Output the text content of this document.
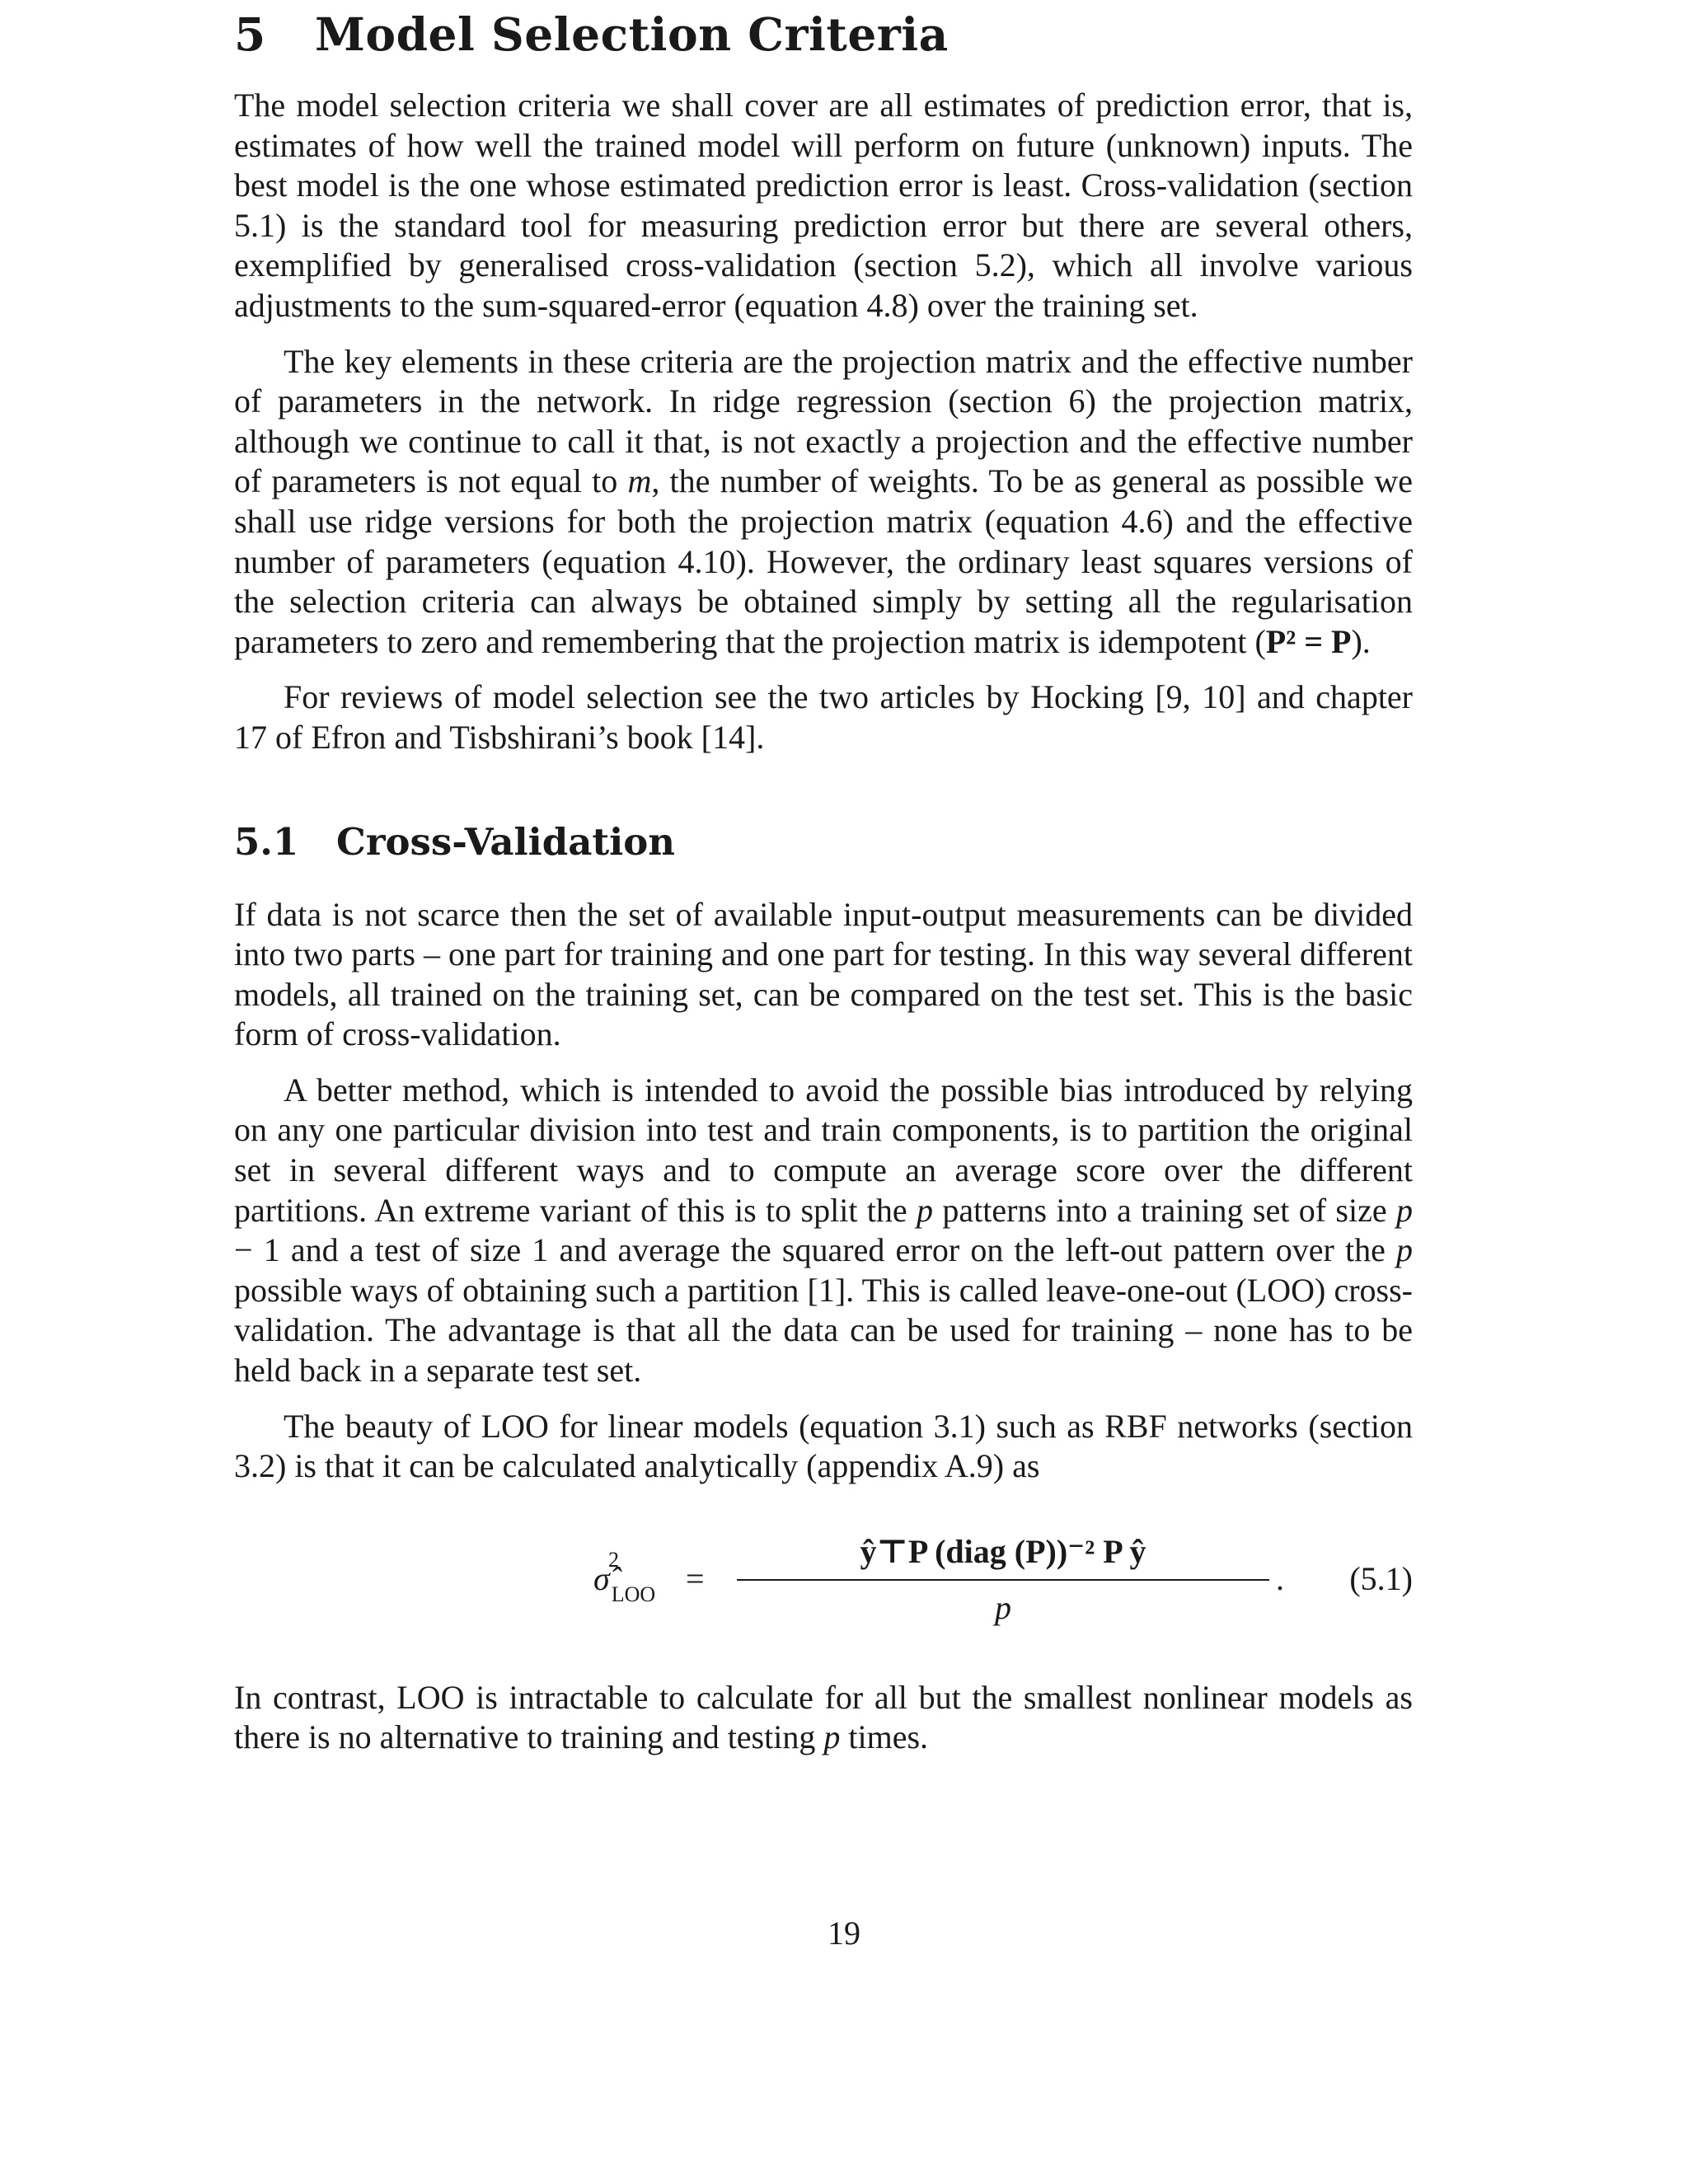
5 Model Selection Criteria

The model selection criteria we shall cover are all estimates of prediction error, that is, estimates of how well the trained model will perform on future (unknown) inputs. The best model is the one whose estimated prediction error is least. Cross-validation (section 5.1) is the standard tool for measuring prediction error but there are several others, exemplified by generalised cross-validation (section 5.2), which all involve various adjustments to the sum-squared-error (equation 4.8) over the training set.

The key elements in these criteria are the projection matrix and the effective number of parameters in the network. In ridge regression (section 6) the projection matrix, although we continue to call it that, is not exactly a projection and the effective number of parameters is not equal to m, the number of weights. To be as general as possible we shall use ridge versions for both the projection matrix (equation 4.6) and the effective number of parameters (equation 4.10). However, the ordinary least squares versions of the selection criteria can always be obtained simply by setting all the regularisation parameters to zero and remembering that the projection matrix is idempotent (P² = P).

For reviews of model selection see the two articles by Hocking [9, 10] and chapter 17 of Efron and Tisbshirani’s book [14].

5.1 Cross-Validation

If data is not scarce then the set of available input-output measurements can be divided into two parts – one part for training and one part for testing. In this way several different models, all trained on the training set, can be compared on the test set. This is the basic form of cross-validation.

A better method, which is intended to avoid the possible bias introduced by relying on any one particular division into test and train components, is to partition the original set in several different ways and to compute an average score over the different partitions. An extreme variant of this is to split the p patterns into a training set of size p − 1 and a test of size 1 and average the squared error on the left-out pattern over the p possible ways of obtaining such a partition [1]. This is called leave-one-out (LOO) cross-validation. The advantage is that all the data can be used for training – none has to be held back in a separate test set.

The beauty of LOO for linear models (equation 3.1) such as RBF networks (section 3.2) is that it can be calculated analytically (appendix A.9) as

σ̂
2
$_{LOO}$ =
ŷ⊤P (diag (P))⁻² P ŷ
p
. (5.1)

In contrast, LOO is intractable to calculate for all but the smallest nonlinear models as there is no alternative to training and testing p times.

19
